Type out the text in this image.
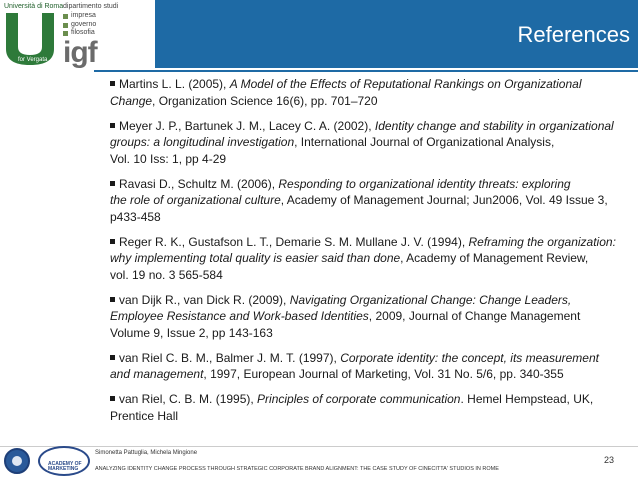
Università di Roma
for Vergata
dipartimento studi
impresa
governo
filosofia
igf
References
Martins L. L. (2005), A Model of the Effects of Reputational Rankings on Organizational
Change, Organization Science 16(6), pp. 701–720
Meyer J. P., Bartunek J. M., Lacey C. A. (2002), Identity change and stability in organizational
groups: a longitudinal investigation, International Journal of Organizational Analysis,
Vol. 10 Iss: 1, pp 4-29
Ravasi D., Schultz M. (2006), Responding to organizational identity threats: exploring
the role of organizational culture, Academy of Management Journal; Jun2006, Vol. 49 Issue 3,
p433-458
Reger R. K., Gustafson L. T., Demarie S. M. Mullane J. V. (1994), Reframing the organization:
why implementing total quality is easier said than done, Academy of Management Review,
vol. 19 no. 3 565-584
van Dijk R., van Dick R. (2009), Navigating Organizational Change: Change Leaders,
Employee Resistance and Work-based Identities, 2009, Journal of Change Management
Volume 9, Issue 2, pp 143-163
van Riel C. B. M., Balmer J. M. T. (1997), Corporate identity: the concept, its measurement
and management, 1997, European Journal of Marketing, Vol. 31 No. 5/6, pp. 340-355
van Riel, C. B. M. (1995), Principles of corporate communication. Hemel Hempstead, UK,
Prentice Hall
ACADEMY OF
MARKETING
Simonetta Pattuglia, Michela Mingione
ANALYZING IDENTITY CHANGE PROCESS THROUGH STRATEGIC CORPORATE BRAND ALIGNMENT: THE CASE STUDY OF CINECITTA' STUDIOS IN ROME
23
